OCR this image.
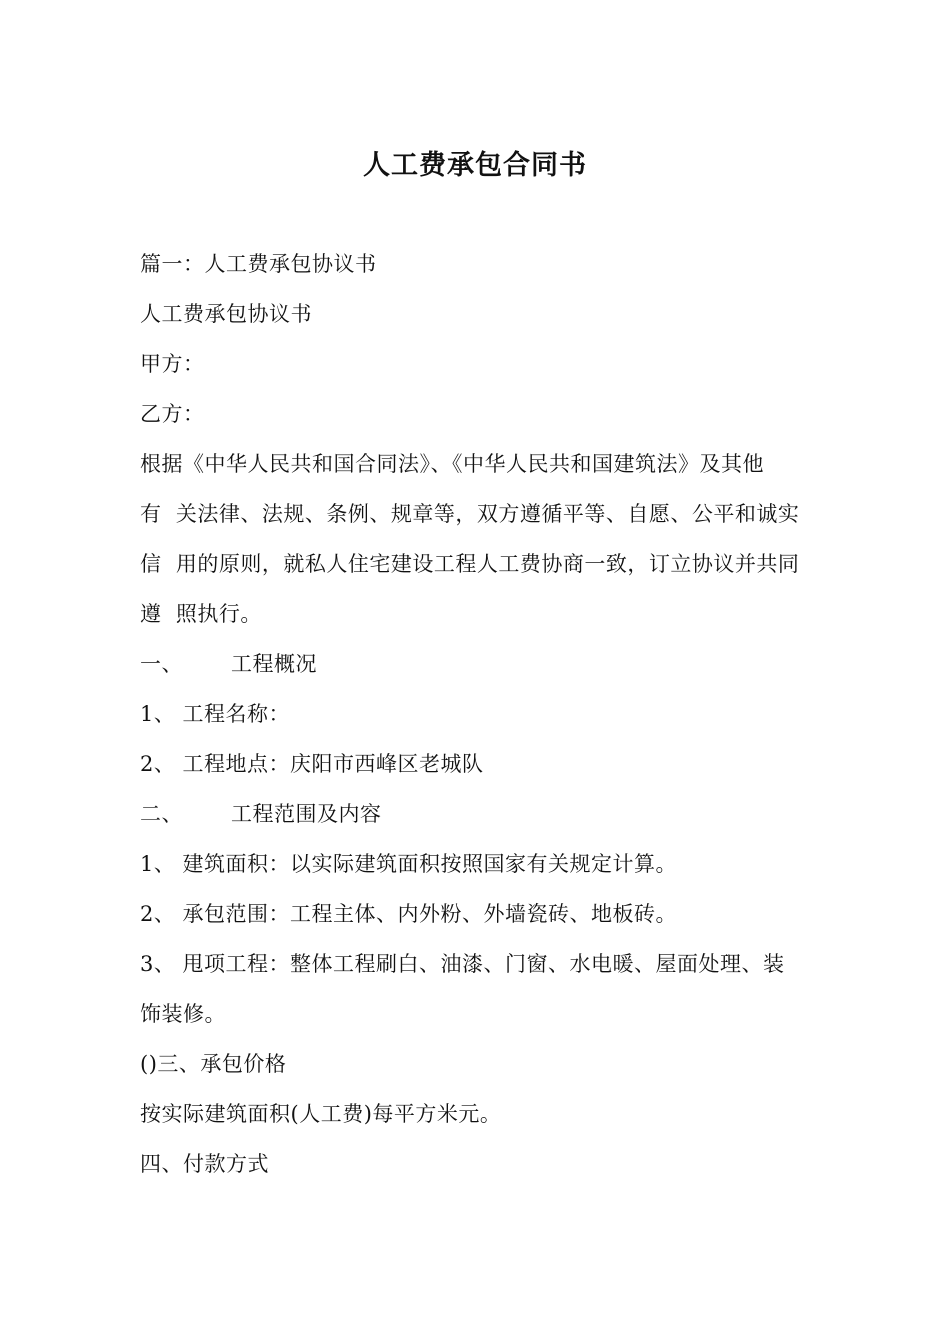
人工费承包合同书
篇一：人工费承包协议书
人工费承包协议书
甲方：
乙方：
根据《中华人民共和国合同法》、《中华人民共和国建筑法》及其他
有  关法律、法规、条例、规章等，双方遵循平等、自愿、公平和诚实
信  用的原则，就私人住宅建设工程人工费协商一致，订立协议并共同
遵  照执行。
一、 工程概况
1、 工程名称：
2、 工程地点：庆阳市西峰区老城队
二、 工程范围及内容
1、 建筑面积：以实际建筑面积按照国家有关规定计算。
2、 承包范围：工程主体、内外粉、外墙瓷砖、地板砖。
3、 甩项工程：整体工程刷白、油漆、门窗、水电暖、屋面处理、装
饰装修。
()三、承包价格
按实际建筑面积(人工费)每平方米元。
四、付款方式
